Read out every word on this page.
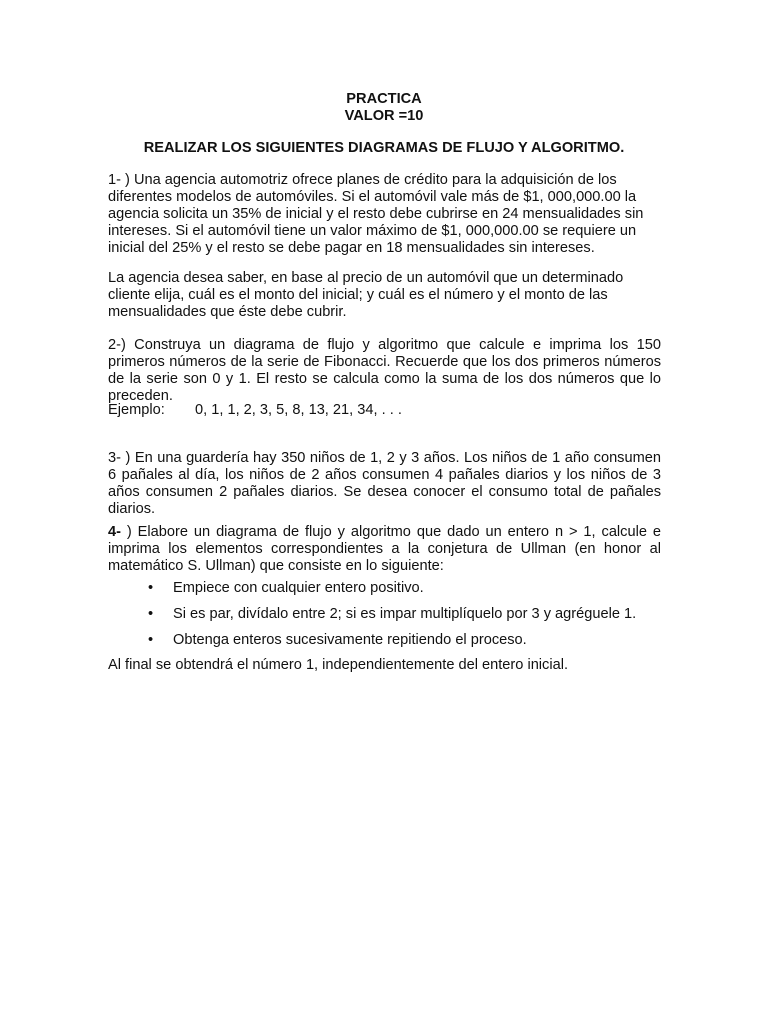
PRACTICA
VALOR =10
REALIZAR LOS SIGUIENTES DIAGRAMAS DE FLUJO Y ALGORITMO.

1- ) Una agencia automotriz ofrece planes de crédito para la adquisición de los diferentes modelos de automóviles. Si el automóvil vale más de $1, 000,000.00 la agencia solicita un 35% de inicial y el resto debe cubrirse en 24 mensualidades sin intereses. Si el automóvil tiene un valor máximo de $1, 000,000.00 se requiere un inicial del 25% y el resto se debe pagar en 18 mensualidades sin intereses.

La agencia desea saber, en base al precio de un automóvil que un determinado cliente elija, cuál es el monto del inicial; y cuál es el número y el monto de las mensualidades que éste debe cubrir.

2-) Construya un diagrama de flujo y algoritmo que calcule e imprima los 150 primeros números de la serie de Fibonacci. Recuerde que los dos primeros números de la serie son 0 y 1. El resto se calcula como la suma de los dos números que lo preceden.

Ejemplo: 0, 1, 1, 2, 3, 5, 8, 13, 21, 34, . . .

3- ) En una guardería hay 350 niños de 1, 2 y 3 años. Los niños de 1 año consumen 6 pañales al día, los niños de 2 años consumen 4 pañales diarios y los niños de 3 años consumen 2 pañales diarios. Se desea conocer el consumo total de pañales diarios.

4- ) Elabore un diagrama de flujo y algoritmo que dado un entero n > 1, calcule e imprima los elementos correspondientes a la conjetura de Ullman (en honor al matemático S. Ullman) que consiste en lo siguiente:

• Empiece con cualquier entero positivo.
• Si es par, divídalo entre 2; si es impar multiplíquelo por 3 y agréguele 1.
• Obtenga enteros sucesivamente repitiendo el proceso.

Al final se obtendrá el número 1, independientemente del entero inicial.
